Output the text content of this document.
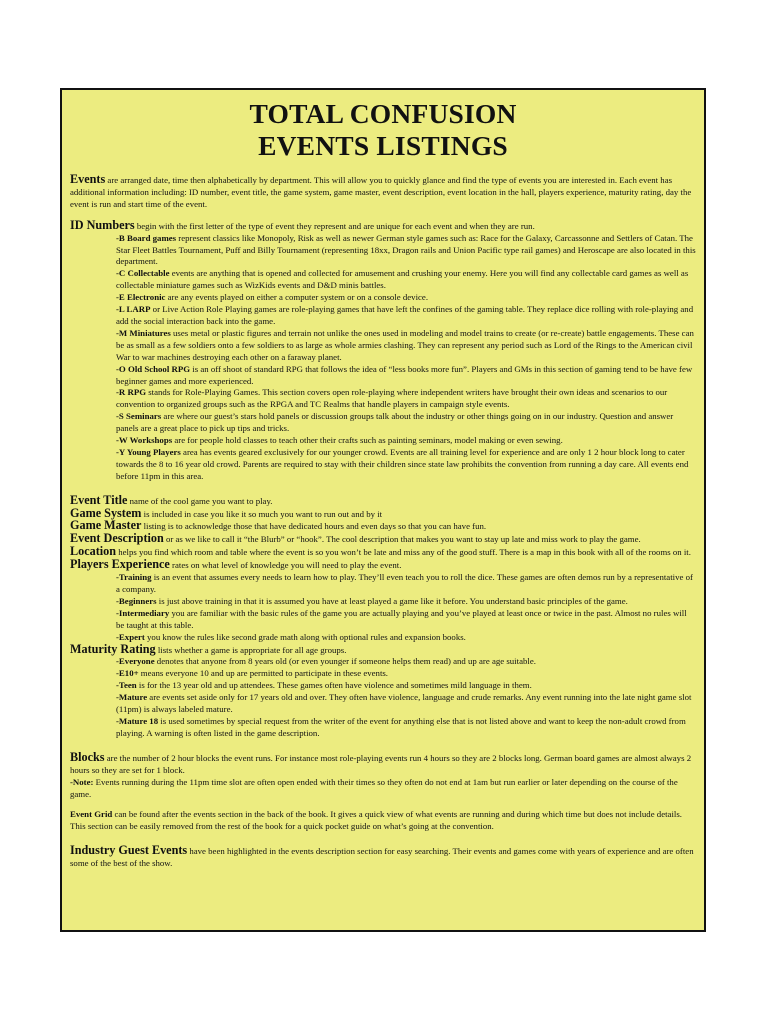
TOTAL CONFUSION
EVENTS LISTINGS

Events are arranged date, time then alphabetically by department. This will allow you to quickly glance and find the type of events you are interested in. Each event has additional information including: ID number, event title, the game system, game master, event description, event location in the hall, players experience, maturity rating, day the event is run and start time of the event.

ID Numbers begin with the first letter of the type of event they represent and are unique for each event and when they are run.

-B Board games represent classics like Monopoly, Risk as well as newer German style games such as: Race for the Galaxy, Carcassonne and Settlers of Catan. The Star Fleet Battles Tournament, Puff and Billy Tournament (representing 18xx, Dragon rails and Union Pacific type rail games) and Heroscape are also located in this department.

-C Collectable events are anything that is opened and collected for amusement and crushing your enemy. Here you will find any collectable card games as well as collectable miniature games such as WizKids events and D&D minis battles.

-E Electronic are any events played on either a computer system or on a console device.

-L LARP or Live Action Role Playing games are role-playing games that have left the confines of the gaming table. They replace dice rolling with role-playing and add the social interaction back into the game.

-M Miniatures uses metal or plastic figures and terrain not unlike the ones used in modeling and model trains to create (or re-create) battle engagements. These can be as small as a few soldiers onto a few soldiers to as large as whole armies clashing. They can represent any period such as Lord of the Rings to the American civil War to war machines destroying each other on a faraway planet.

-O Old School RPG is an off shoot of standard RPG that follows the idea of “less books more fun”. Players and GMs in this section of gaming tend to be have few beginner games and more experienced.

-R RPG stands for Role-Playing Games. This section covers open role-playing where independent writers have brought their own ideas and scenarios to our convention to organized groups such as the RPGA and TC Realms that handle players in campaign style events.

-S Seminars are where our guest’s stars hold panels or discussion groups talk about the industry or other things going on in our industry. Question and answer panels are a great place to pick up tips and tricks.

-W Workshops are for people hold classes to teach other their crafts such as painting seminars, model making or even sewing.

-Y Young Players area has events geared exclusively for our younger crowd. Events are all training level for experience and are only 1 2 hour block long to cater towards the 8 to 16 year old crowd. Parents are required to stay with their children since state law prohibits the convention from running a day care. All events end before 11pm in this area.

Event Title name of the cool game you want to play.

Game System is included in case you like it so much you want to run out and by it

Game Master listing is to acknowledge those that have dedicated hours and even days so that you can have fun.

Event Description or as we like to call it “the Blurb” or “hook”. The cool description that makes you want to stay up late and miss work to play the game.

Location helps you find which room and table where the event is so you won’t be late and miss any of the good stuff. There is a map in this book with all of the rooms on it.

Players Experience rates on what level of knowledge you will need to play the event.

-Training is an event that assumes every needs to learn how to play. They’ll even teach you to roll the dice. These games are often demos run by a representative of a company.

-Beginners is just above training in that it is assumed you have at least played a game like it before. You understand basic principles of the game.

-Intermediary you are familiar with the basic rules of the game you are actually playing and you’ve played at least once or twice in the past. Almost no rules will be taught at this table.

-Expert you know the rules like second grade math along with optional rules and expansion books.

Maturity Rating lists whether a game is appropriate for all age groups.

-Everyone denotes that anyone from 8 years old (or even younger if someone helps them read) and up are age suitable.

-E10+ means everyone 10 and up are permitted to participate in these events.

-Teen is for the 13 year old and up attendees. These games often have violence and sometimes mild language in them.

-Mature are events set aside only for 17 years old and over. They often have violence, language and crude remarks. Any event running into the late night game slot (11pm) is always labeled mature.

-Mature 18 is used sometimes by special request from the writer of the event for anything else that is not listed above and want to keep the non-adult crowd from playing. A warning is often listed in the game description.

Blocks are the number of 2 hour blocks the event runs. For instance most role-playing events run 4 hours so they are 2 blocks long. German board games are almost always 2 hours so they are set for 1 block.

-Note: Events running during the 11pm time slot are often open ended with their times so they often do not end at 1am but run earlier or later depending on the course of the game.

Event Grid can be found after the events section in the back of the book. It gives a quick view of what events are running and during which time but does not include details. This section can be easily removed from the rest of the book for a quick pocket guide on what’s going at the convention.

Industry Guest Events have been highlighted in the events description section for easy searching. Their events and games come with years of experience and are often some of the best of the show.
